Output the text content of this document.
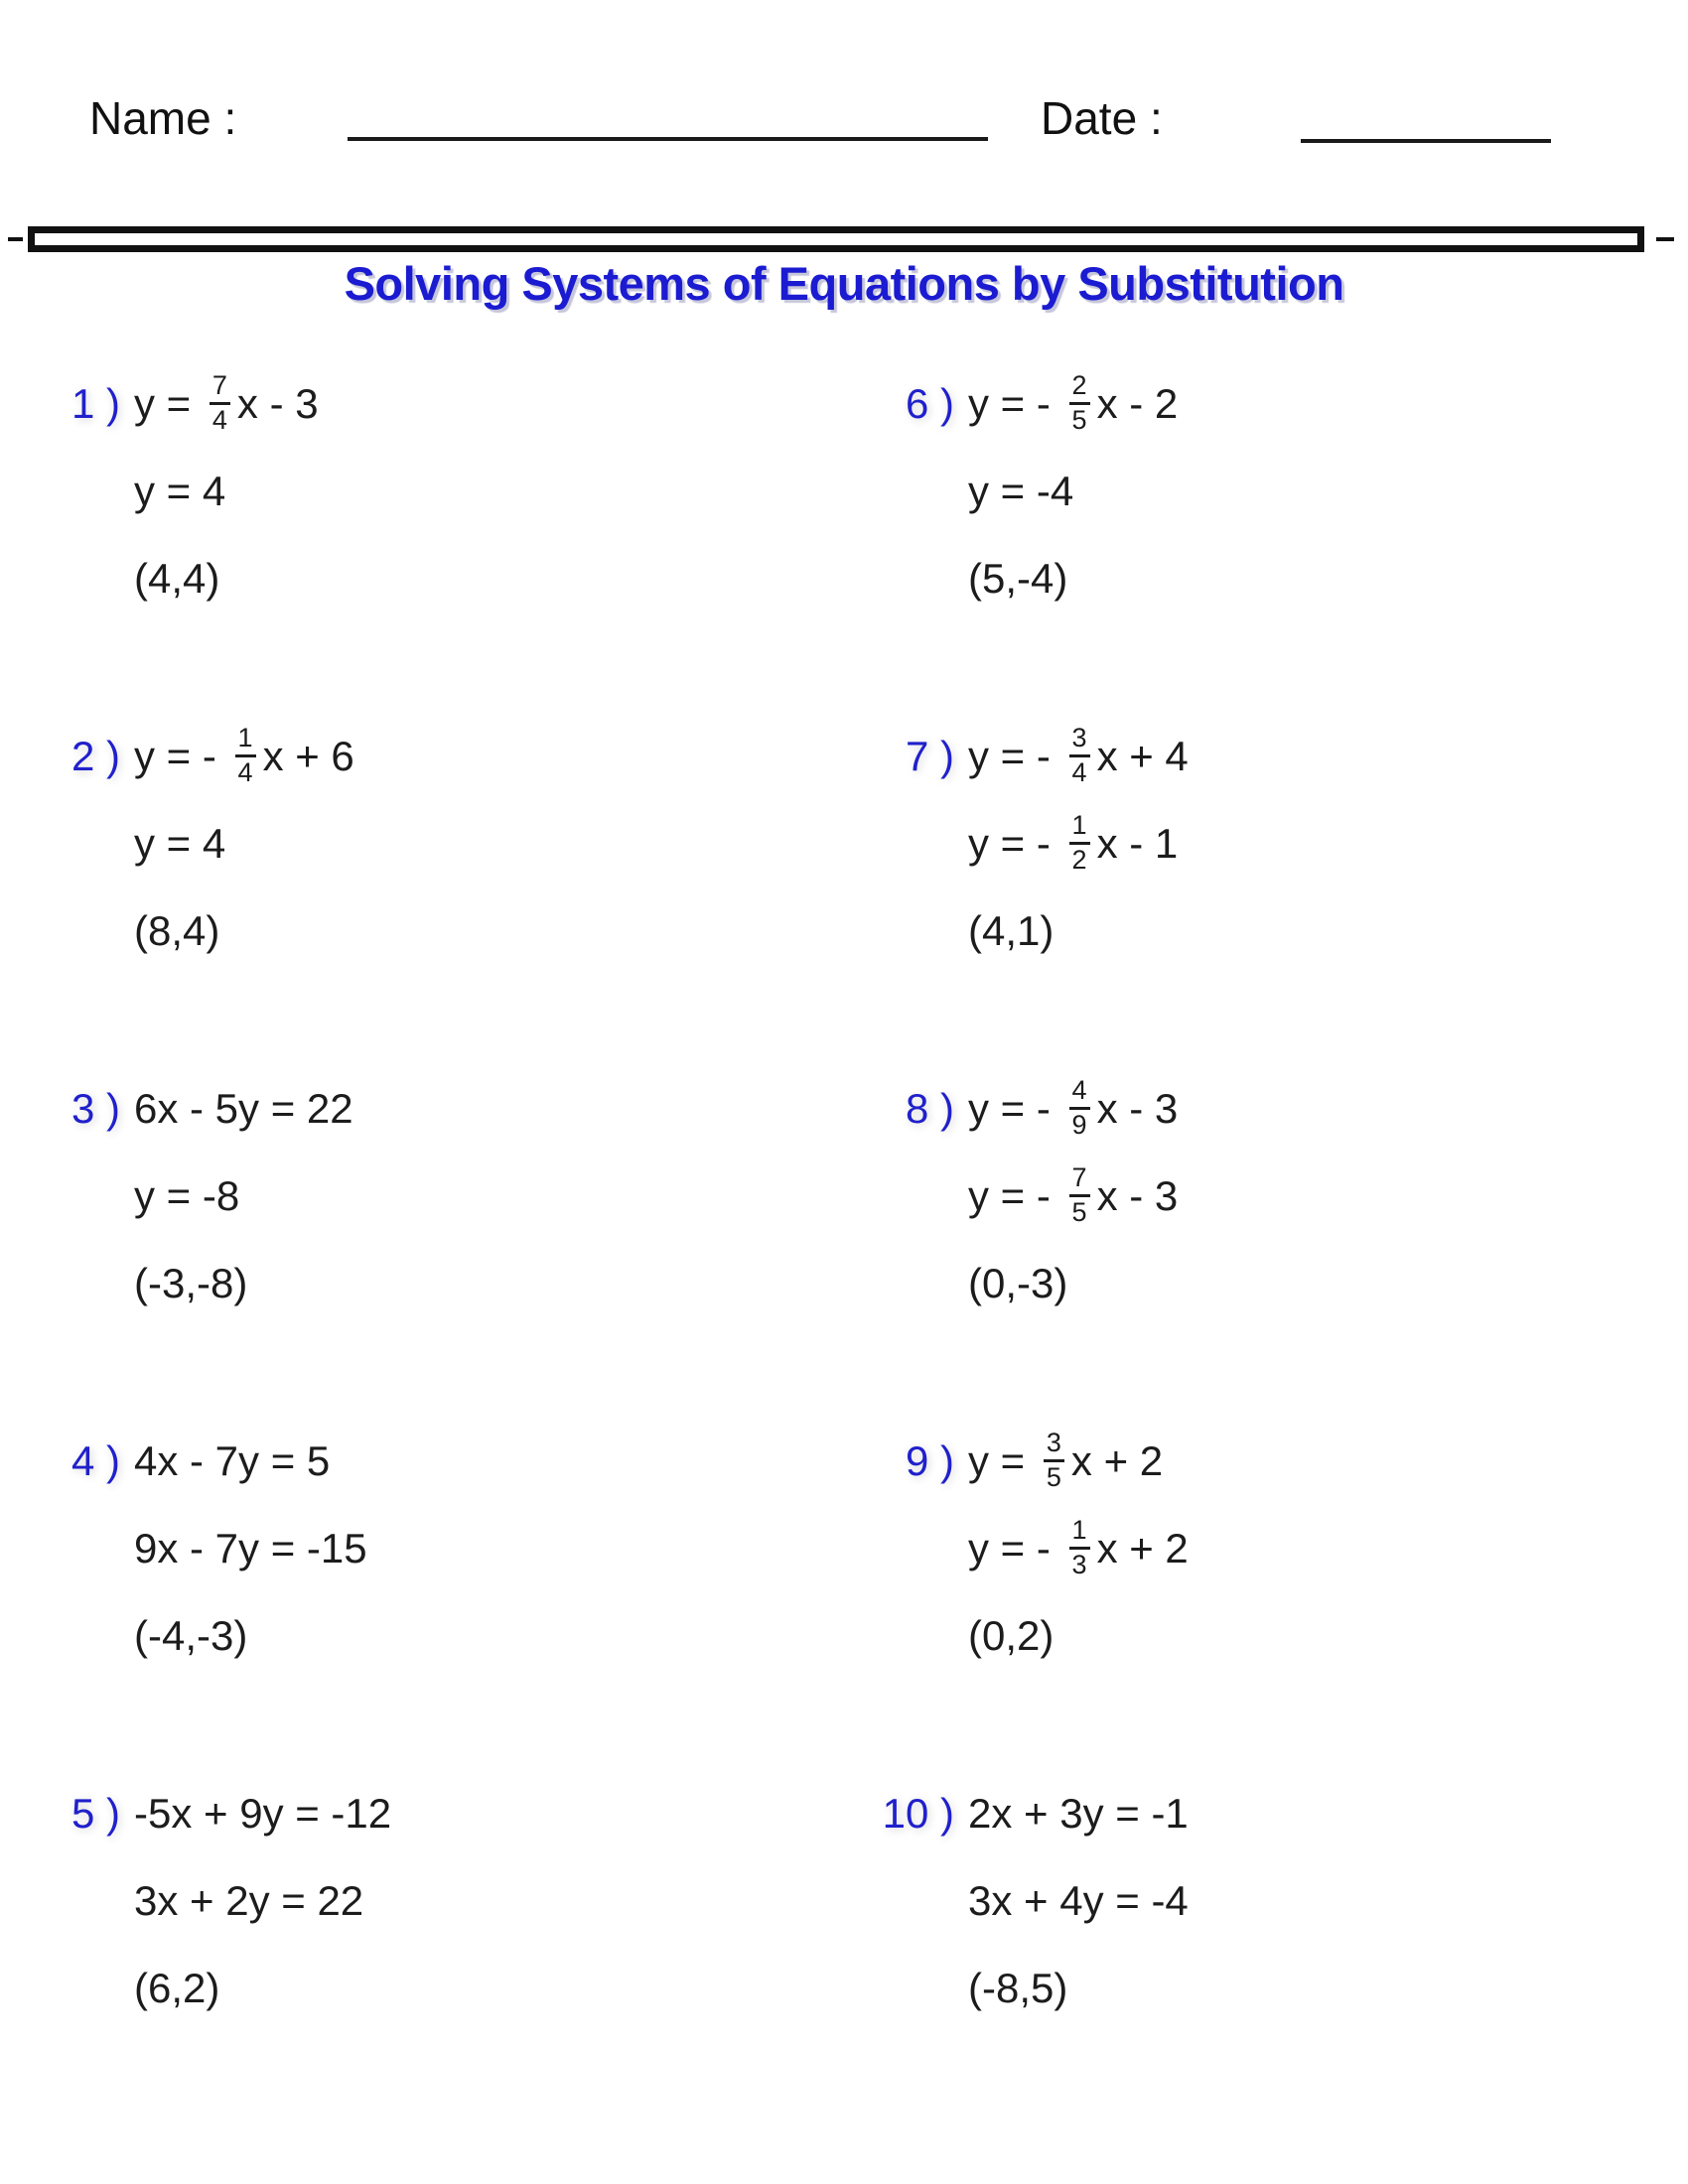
Name :	Date :
Solving Systems of Equations by Substitution
1 ) $y = \frac{7}{4}$ x - 3
y = 4
(4,4)
2 ) y = - $\frac{1}{4}$ x + 6
y = 4
(8,4)
3 ) 6x - 5y = 22
y = -8
(-3,-8)
4 ) 4x - 7y = 5
9x - 7y = -15
(-4,-3)
5 ) -5x + 9y = -12
3x + 2y = 22
(6,2)
6 ) y = - $\frac{2}{5}$ x - 2
y = -4
(5,-4)
7 ) y = - $\frac{3}{4}$ x + 4
y = - $\frac{1}{2}$ x - 1
(4,1)
8 ) y = - $\frac{4}{9}$ x - 3
y = - $\frac{7}{5}$ x - 3
(0,-3)
9 ) $y = \frac{3}{5}$ x + 2
y = - $\frac{1}{3}$ x + 2
(0,2)
10 ) 2x + 3y = -1
3x + 4y = -4
(-8,5)
